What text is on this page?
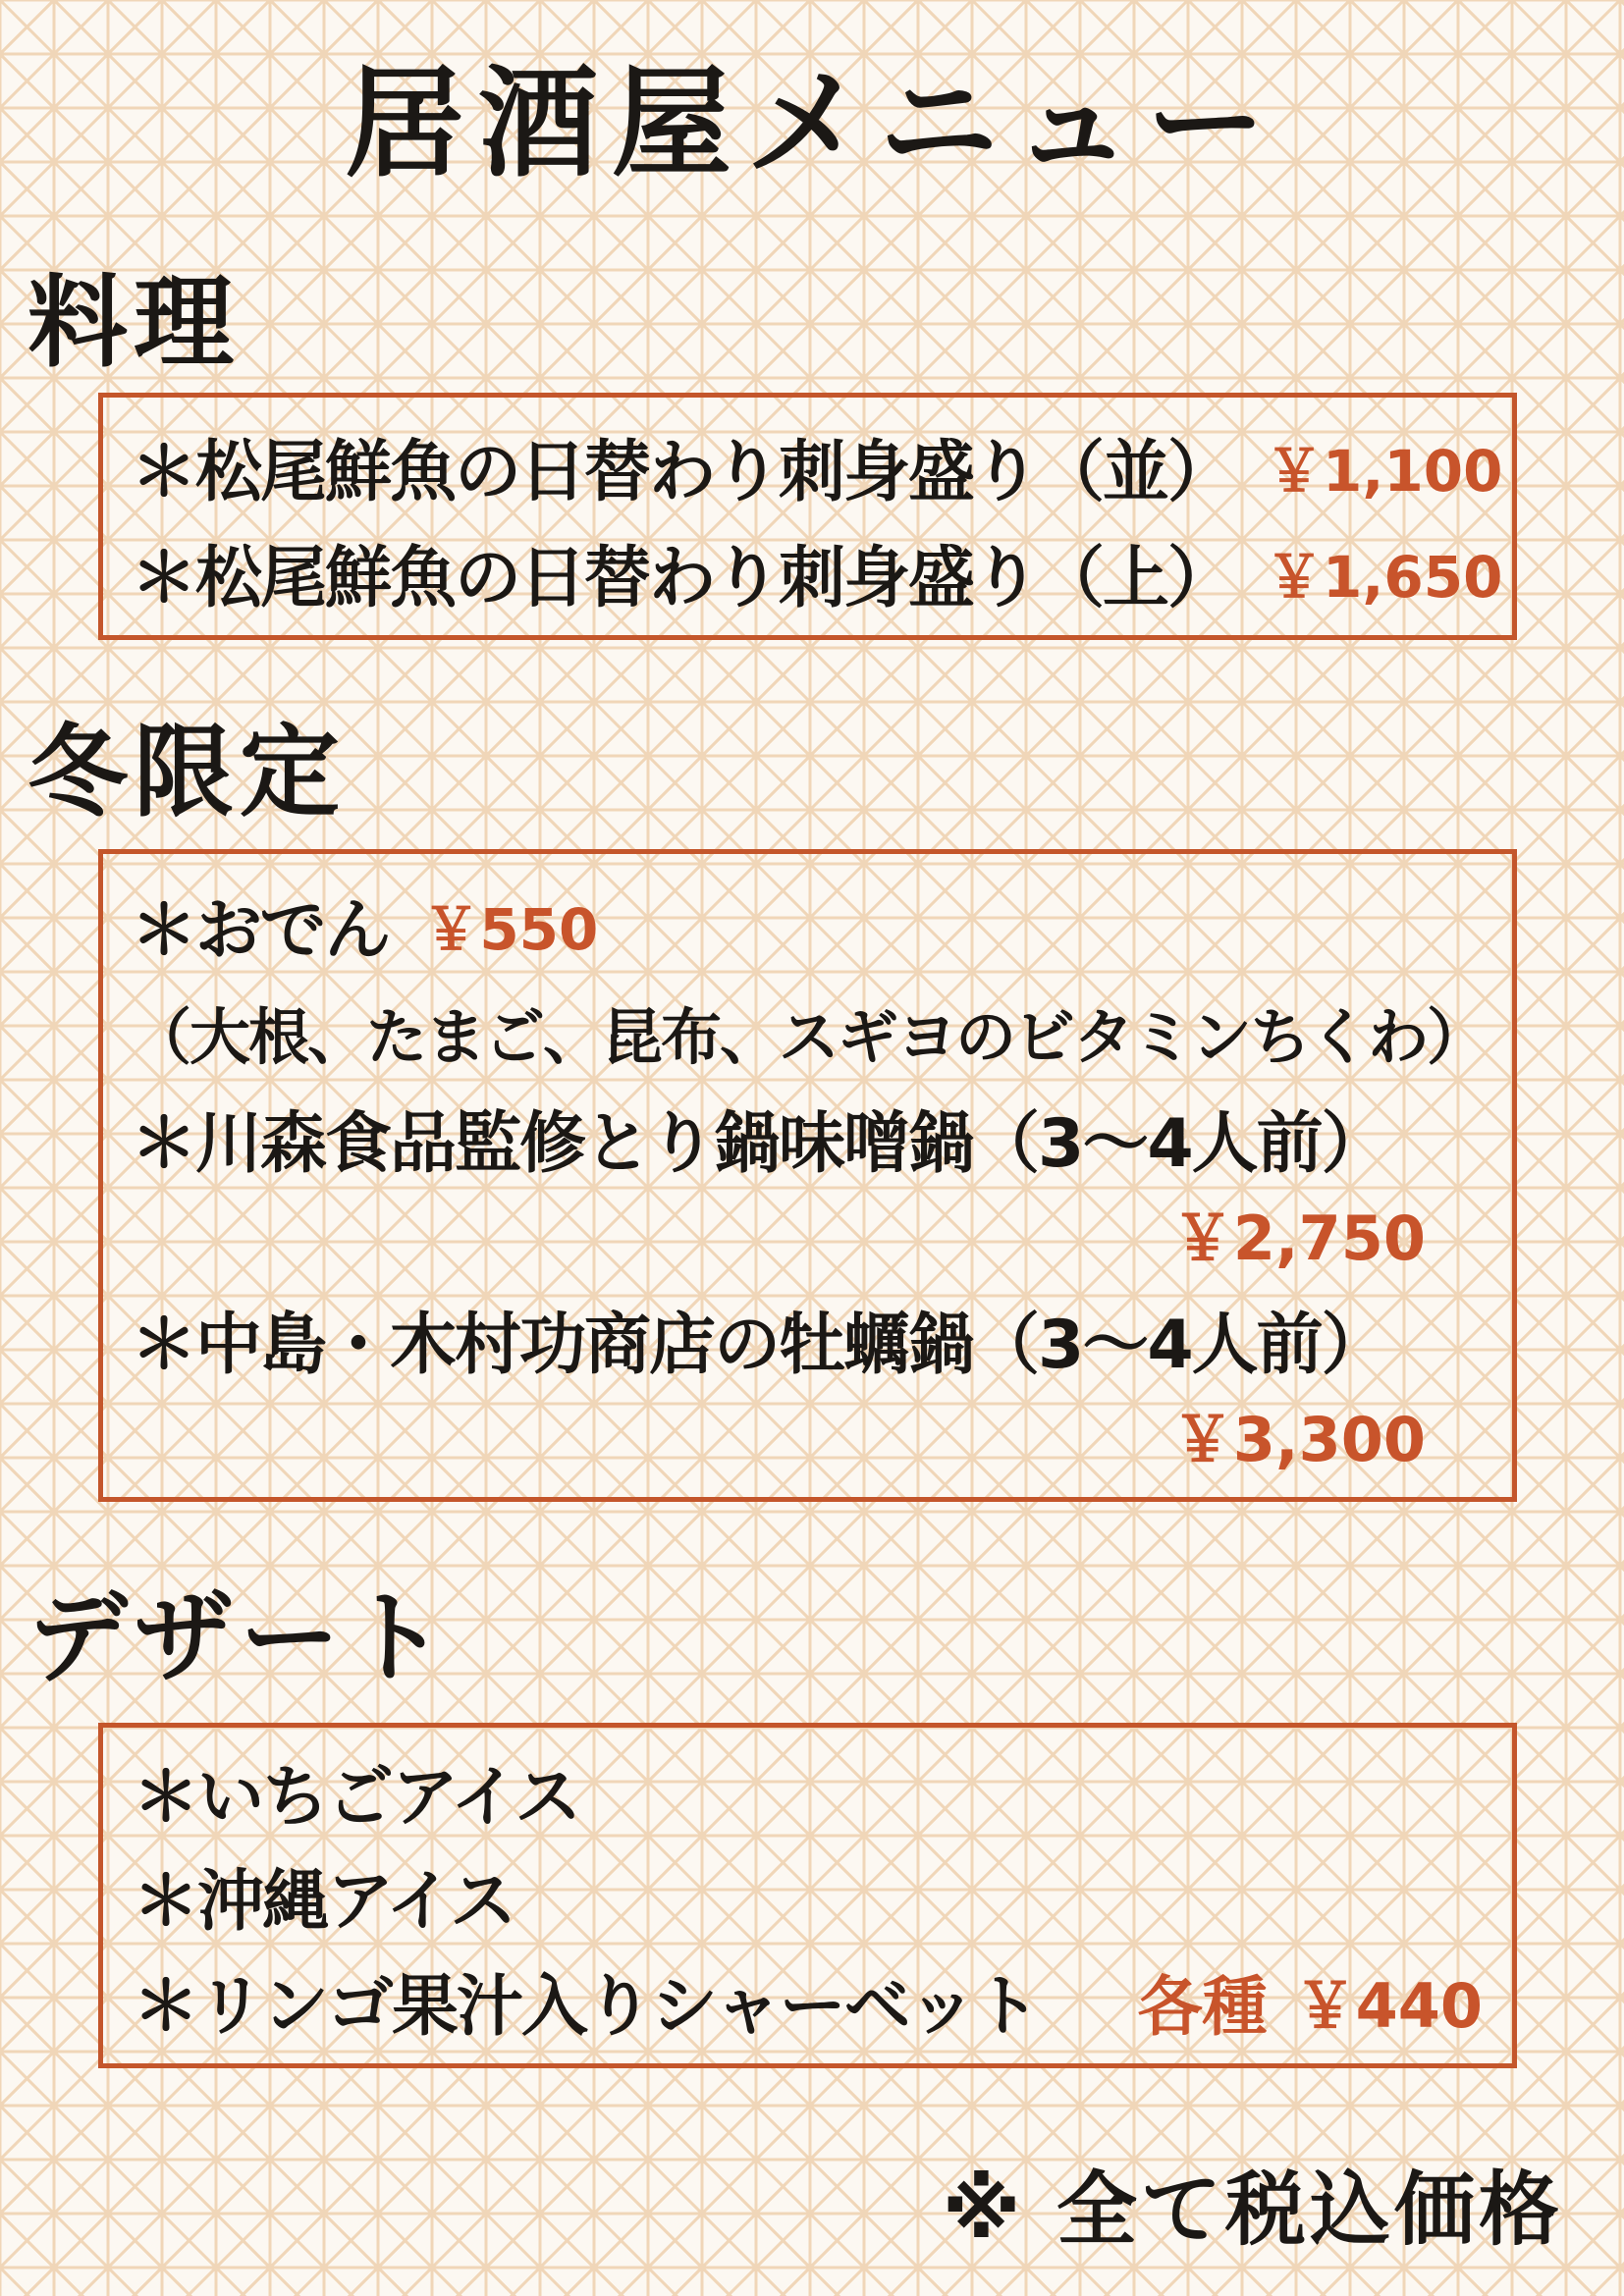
居酒屋メニュー
料理
＊松尾鮮魚の日替わり刺身盛り（並） ￥1,100
＊松尾鮮魚の日替わり刺身盛り（上） ￥1,650
冬限定
＊おでん ￥550
（大根、たまご、昆布、スギヨのビタミンちくわ）
＊川森食品監修とり鍋味噌鍋（3～4人前）
￥2,750
＊中島・木村功商店の牡蠣鍋（3～4人前）
￥3,300
デザート
＊いちごアイス
＊沖縄アイス
＊リンゴ果汁入りシャーベット 各種 ￥440

※ 全て税込価格
